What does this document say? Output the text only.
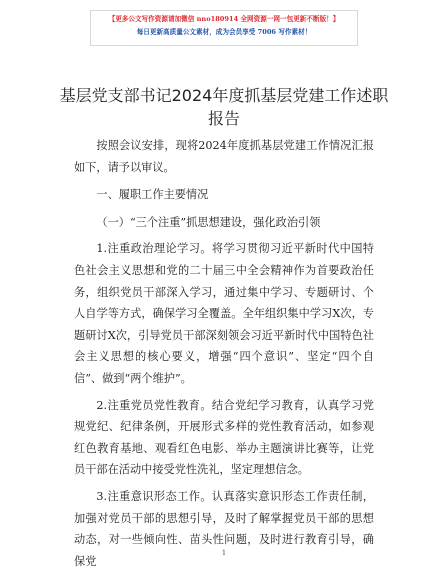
【更多公文写作资源请加微信 nno180914 全网资源一网一包更新不断版！】
每日更新高质量公文素材，成为会员享受 7006 写作素材！
基层党支部书记2024年度抓基层党建工作述职
报告

按照会议安排，现将2024年度抓基层党建工作情况汇报如下，请予以审议。

一、履职工作主要情况

（一）“三个注重”抓思想建设，强化政治引领

1.注重政治理论学习。将学习贯彻习近平新时代中国特色社会主义思想和党的二十届三中全会精神作为首要政治任务，组织党员干部深入学习，通过集中学习、专题研讨、个人自学等方式，确保学习全覆盖。全年组织集中学习X次，专题研讨X次，引导党员干部深刻领会习近平新时代中国特色社会主义思想的核心要义，增强“四个意识”、坚定“四个自信”、做到“两个维护”。

2.注重党员党性教育。结合党纪学习教育，认真学习党规党纪、纪律条例，开展形式多样的党性教育活动，如参观红色教育基地、观看红色电影、举办主题演讲比赛等，让党员干部在活动中接受党性洗礼，坚定理想信念。

3.注重意识形态工作。认真落实意识形态工作责任制，加强对党员干部的思想引导，及时了解掌握党员干部的思想动态，对一些倾向性、苗头性问题，及时进行教育引导，确保党

1
